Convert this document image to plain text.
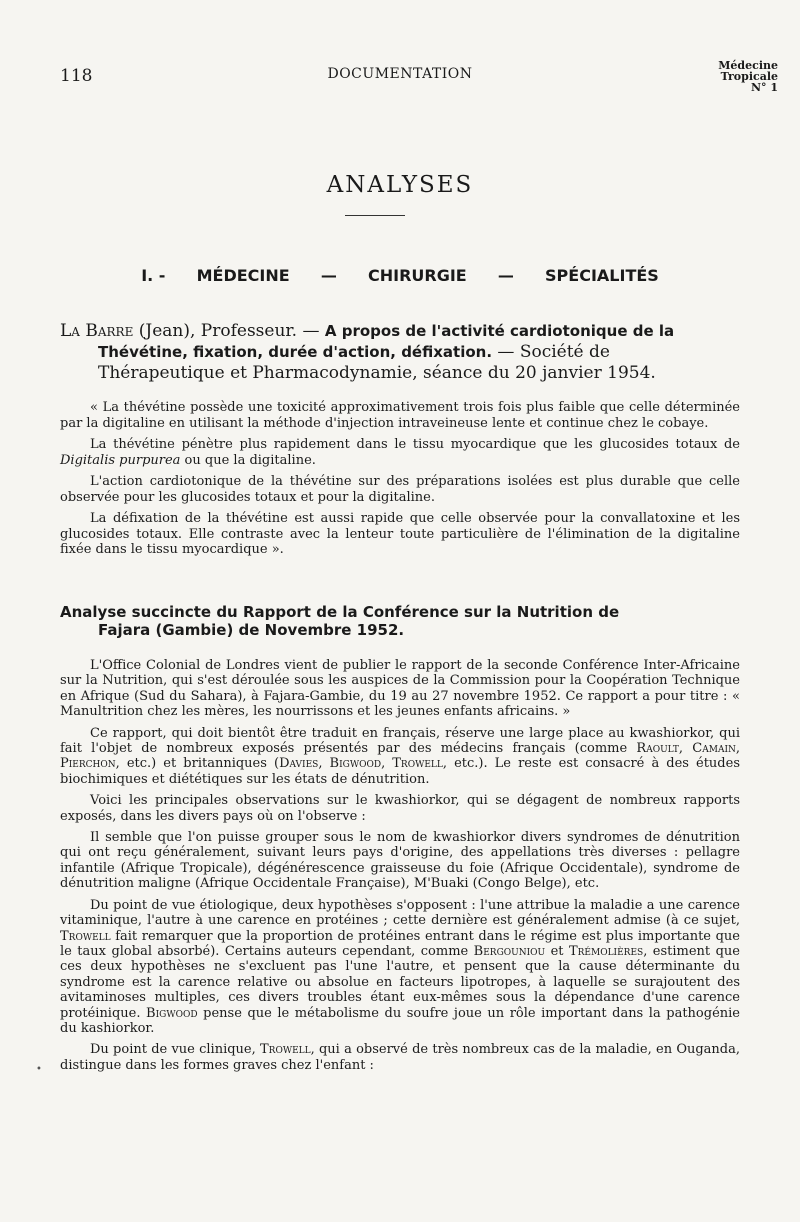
118	DOCUMENTATION
Médecine
Tropicale
N° 1
ANALYSES
I. - MÉDECINE — CHIRURGIE — SPÉCIALITÉS
La Barre (Jean), Professeur. — A propos de l'activité cardiotonique de la Thévétine, fixation, durée d'action, défixation. — Société de Thérapeutique et Pharmacodynamie, séance du 20 janvier 1954.

« La thévétine possède une toxicité approximativement trois fois plus faible que celle déterminée par la digitaline en utilisant la méthode d'injection intraveineuse lente et continue chez le cobaye.

La thévétine pénètre plus rapidement dans le tissu myocardique que les glucosides totaux de Digitalis purpurea ou que la digitaline.

L'action cardiotonique de la thévétine sur des préparations isolées est plus durable que celle observée pour les glucosides totaux et pour la digitaline.

La défixation de la thévétine est aussi rapide que celle observée pour la convallatoxine et les glucosides totaux. Elle contraste avec la lenteur toute particulière de l'élimination de la digitaline fixée dans le tissu myocardique ».

Analyse succincte du Rapport de la Conférence sur la Nutrition de
Fajara (Gambie) de Novembre 1952.

L'Office Colonial de Londres vient de publier le rapport de la seconde Conférence Inter-Africaine sur la Nutrition, qui s'est déroulée sous les auspices de la Commission pour la Coopération Technique en Afrique (Sud du Sahara), à Fajara-Gambie, du 19 au 27 novembre 1952. Ce rapport a pour titre : « Manultrition chez les mères, les nourrissons et les jeunes enfants africains. »

Ce rapport, qui doit bientôt être traduit en français, réserve une large place au kwashiorkor, qui fait l'objet de nombreux exposés présentés par des médecins français (comme Raoult, Camain, Pierchon, etc.) et britanniques (Davies, Bigwood, Trowell, etc.). Le reste est consacré à des études biochimiques et diététiques sur les états de dénutrition.

Voici les principales observations sur le kwashiorkor, qui se dégagent de nombreux rapports exposés, dans les divers pays où on l'observe :

Il semble que l'on puisse grouper sous le nom de kwashiorkor divers syndromes de dénutrition qui ont reçu généralement, suivant leurs pays d'origine, des appellations très diverses : pellagre infantile (Afrique Tropicale), dégénérescence graisseuse du foie (Afrique Occidentale), syndrome de dénutrition maligne (Afrique Occidentale Française), M'Buaki (Congo Belge), etc.

Du point de vue étiologique, deux hypothèses s'opposent : l'une attribue la maladie a une carence vitaminique, l'autre à une carence en protéines ; cette dernière est généralement admise (à ce sujet, Trowell fait remarquer que la proportion de protéines entrant dans le régime est plus importante que le taux global absorbé). Certains auteurs cependant, comme Bergouniou et Trémolières, estiment que ces deux hypothèses ne s'excluent pas l'une l'autre, et pensent que la cause déterminante du syndrome est la carence relative ou absolue en facteurs lipotropes, à laquelle se surajoutent des avitaminoses multiples, ces divers troubles étant eux-mêmes sous la dépendance d'une carence protéinique. Bigwood pense que le métabolisme du soufre joue un rôle important dans la pathogénie du kashiorkor.

Du point de vue clinique, Trowell, qui a observé de très nombreux cas de la maladie, en Ouganda, distingue dans les formes graves chez l'enfant :

•
